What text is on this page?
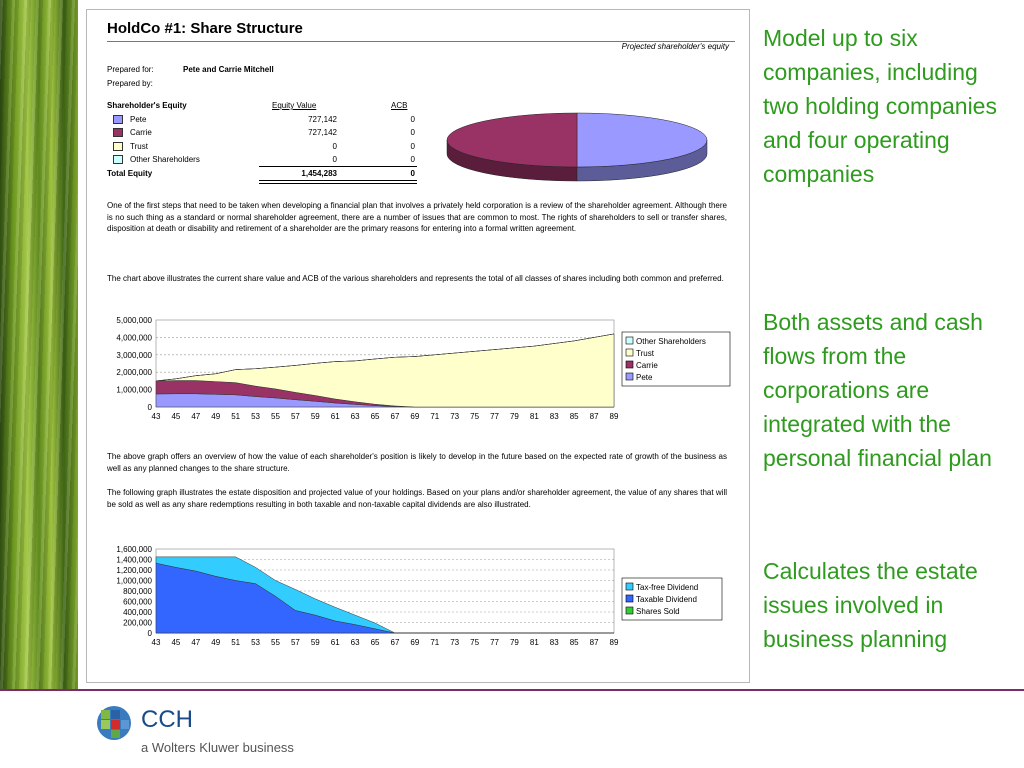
HoldCo #1: Share Structure
Projected shareholder's equity
Prepared for:	Pete and Carrie Mitchell
Prepared by:
Shareholder's Equity	Equity Value	ACB
Pete	727,142	0
Carrie	727,142	0
Trust	0	0
Other Shareholders	0	0
Total Equity	1,454,283	0
One of the first steps that need to be taken when developing a financial plan that involves a privately held corporation is a review of the shareholder agreement. Although there is no such thing as a standard or normal shareholder agreement, there are a number of issues that are common to most. The rights of shareholders to sell or transfer shares, disposition at death or disability and retirement of a shareholder are the primary reasons for entering into a formal written agreement.
The chart above illustrates the current share value and ACB of the various shareholders and represents the total of all classes of shares including both common and preferred.
5,000,000
4,000,000
3,000,000
2,000,000
1,000,000
0
43 45 47 49 51 53 55 57 59 61 63 65 67 69 71 73 75 77 79 81 83 85 87 89
Other Shareholders
Trust
Carrie
Pete
The above graph offers an overview of how the value of each shareholder's position is likely to develop in the future based on the expected rate of growth of the business as well as any planned changes to the share structure.
The following graph illustrates the estate disposition and projected value of your holdings. Based on your plans and/or shareholder agreement, the value of any shares that will be sold as well as any share redemptions resulting in both taxable and non-taxable capital dividends are also illustrated.
1,600,000
1,400,000
1,200,000
1,000,000
800,000
600,000
400,000
200,000
0
43 45 47 49 51 53 55 57 59 61 63 65 67 69 71 73 75 77 79 81 83 85 87 89
Tax-free Dividend
Taxable Dividend
Shares Sold
Model up to six companies, including two holding companies and four operating companies
Both assets and cash flows from the corporations are integrated with the personal financial plan
Calculates the estate issues involved in business planning
CCH
a Wolters Kluwer business
